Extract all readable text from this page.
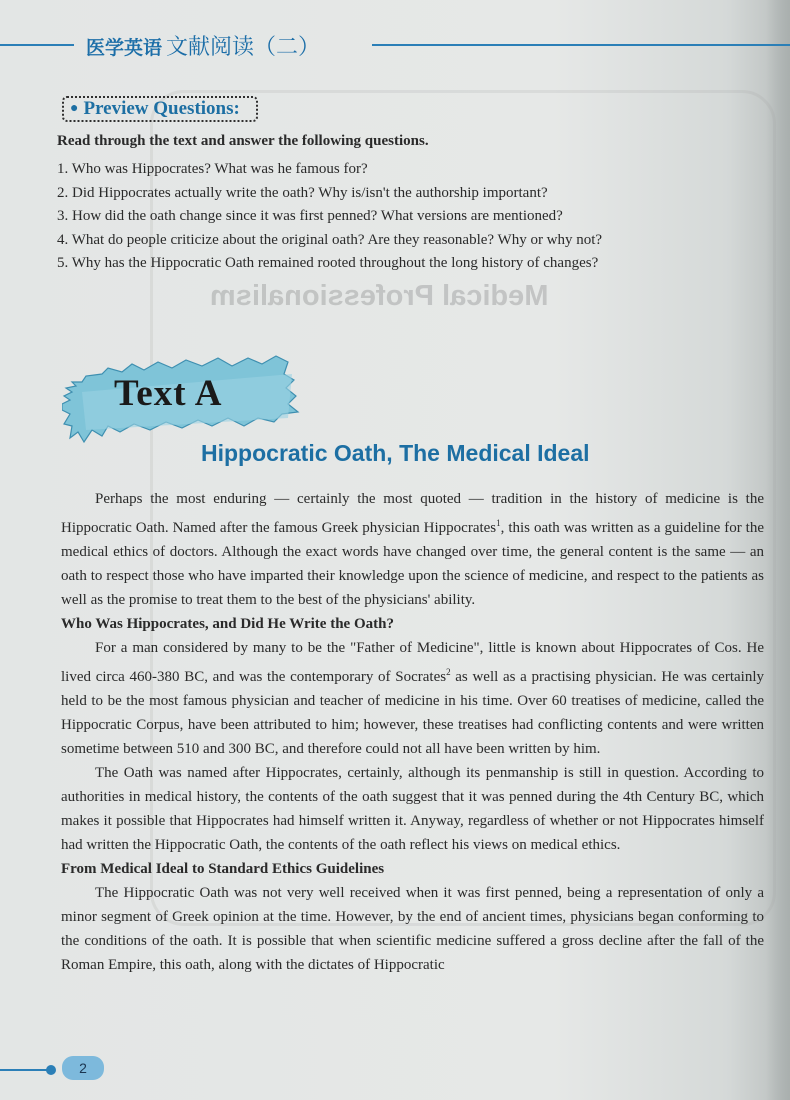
Medical Professionalism
医学英语 文献阅读（二）
● Preview Questions:
Read through the text and answer the following questions.
1. Who was Hippocrates? What was he famous for?
2. Did Hippocrates actually write the oath? Why is/isn't the authorship important?
3. How did the oath change since it was first penned? What versions are mentioned?
4. What do people criticize about the original oath? Are they reasonable? Why or why not?
5. Why has the Hippocratic Oath remained rooted throughout the long history of changes?
Text A
Hippocratic Oath, The Medical Ideal

Perhaps the most enduring — certainly the most quoted — tradition in the history of medicine is the Hippocratic Oath. Named after the famous Greek physician Hippocrates$^1$, this oath was written as a guideline for the medical ethics of doctors. Although the exact words have changed over time, the general content is the same — an oath to respect those who have imparted their knowledge upon the science of medicine, and respect to the patients as well as the promise to treat them to the best of the physicians' ability.

Who Was Hippocrates, and Did He Write the Oath?

For a man considered by many to be the "Father of Medicine", little is known about Hippocrates of Cos. He lived circa 460-380 BC, and was the contemporary of Socrates$^2$ as well as a practising physician. He was certainly held to be the most famous physician and teacher of medicine in his time. Over 60 treatises of medicine, called the Hippocratic Corpus, have been attributed to him; however, these treatises had conflicting contents and were written sometime between 510 and 300 BC, and therefore could not all have been written by him.

The Oath was named after Hippocrates, certainly, although its penmanship is still in question. According to authorities in medical history, the contents of the oath suggest that it was penned during the 4th Century BC, which makes it possible that Hippocrates had himself written it. Anyway, regardless of whether or not Hippocrates himself had written the Hippocratic Oath, the contents of the oath reflect his views on medical ethics.

From Medical Ideal to Standard Ethics Guidelines

The Hippocratic Oath was not very well received when it was first penned, being a representation of only a minor segment of Greek opinion at the time. However, by the end of ancient times, physicians began conforming to the conditions of the oath. It is possible that when scientific medicine suffered a gross decline after the fall of the Roman Empire, this oath, along with the dictates of Hippocratic

2
